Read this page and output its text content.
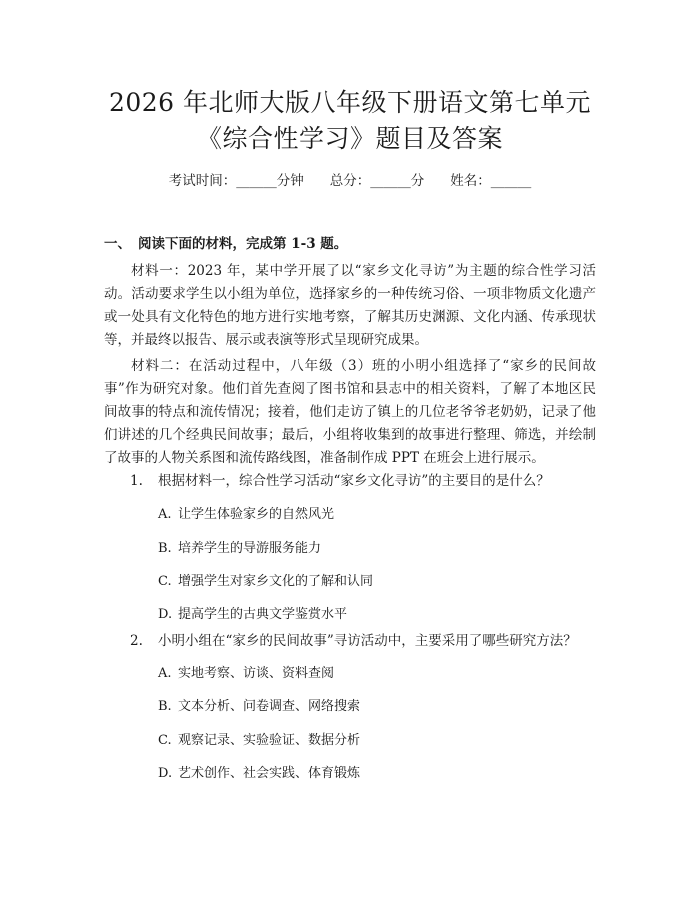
2026 年北师大版八年级下册语文第七单元
《综合性学习》题目及答案
考试时间：______分钟 总分：______分 姓名：______
一、 阅读下面的材料，完成第 1-3 题。
材料一：2023 年，某中学开展了以“家乡文化寻访”为主题的综合性学习活动。活动要求学生以小组为单位，选择家乡的一种传统习俗、一项非物质文化遗产或一处具有文化特色的地方进行实地考察，了解其历史渊源、文化内涵、传承现状等，并最终以报告、展示或表演等形式呈现研究成果。
材料二：在活动过程中，八年级（3）班的小明小组选择了“家乡的民间故事”作为研究对象。他们首先查阅了图书馆和县志中的相关资料，了解了本地区民间故事的特点和流传情况；接着，他们走访了镇上的几位老爷爷老奶奶，记录了他们讲述的几个经典民间故事；最后，小组将收集到的故事进行整理、筛选，并绘制了故事的人物关系图和流传路线图，准备制作成 PPT 在班会上进行展示。
1. 根据材料一，综合性学习活动“家乡文化寻访”的主要目的是什么？
A. 让学生体验家乡的自然风光
B. 培养学生的导游服务能力
C. 增强学生对家乡文化的了解和认同
D. 提高学生的古典文学鉴赏水平
2. 小明小组在“家乡的民间故事”寻访活动中，主要采用了哪些研究方法？
A. 实地考察、访谈、资料查阅
B. 文本分析、问卷调查、网络搜索
C. 观察记录、实验验证、数据分析
D. 艺术创作、社会实践、体育锻炼
